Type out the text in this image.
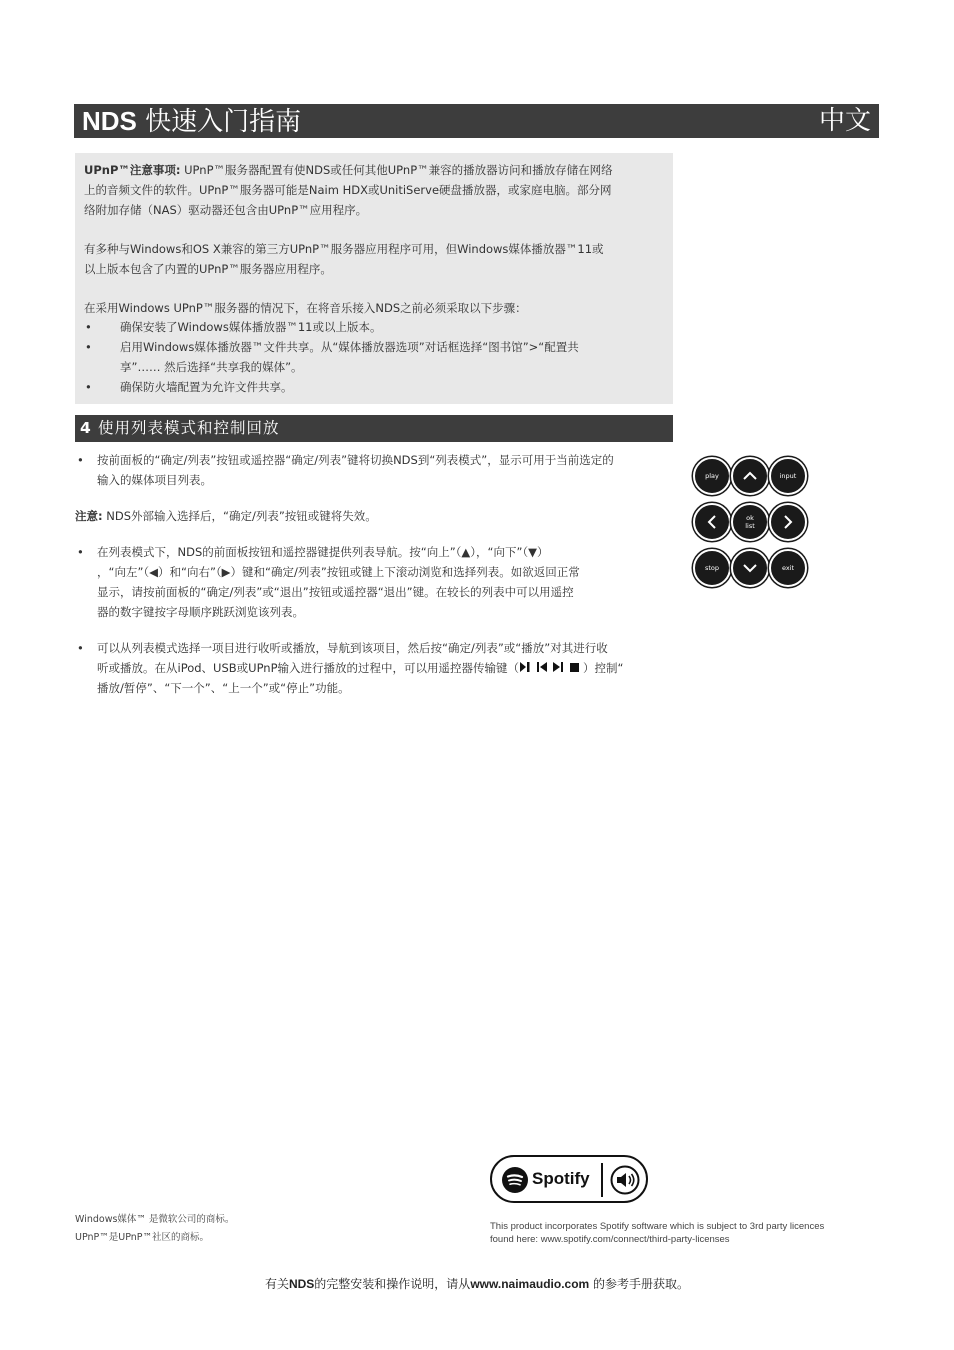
NDS 快速入门指南	中文
UPnP™注意事项: UPnP™服务器配置有使NDS或任何其他UPnP™兼容的播放器访问和播放存储在网络
上的音频文件的软件。UPnP™服务器可能是Naim HDX或UnitiServe硬盘播放器，或家庭电脑。部分网
络附加存储（NAS）驱动器还包含由UPnP™应用程序。
有多种与Windows和OS X兼容的第三方UPnP™服务器应用程序可用，但Windows媒体播放器™11或
以上版本包含了内置的UPnP™服务器应用程序。
在采用Windows UPnP™服务器的情况下，在将音乐接入NDS之前必须采取以下步骤：
• 确保安装了Windows媒体播放器™11或以上版本。
• 启用Windows媒体播放器™文件共享。从“媒体播放器选项”对话框选择“图书馆”>“配置共
享”…… 然后选择“共享我的媒体”。
• 确保防火墙配置为允许文件共享。
4 使用列表模式和控制回放
• 按前面板的“确定/列表”按钮或遥控器“确定/列表”键将切换NDS到“列表模式”，显示可用于当前选定的
输入的媒体项目列表。
注意: NDS外部输入选择后，“确定/列表”按钮或键将失效。
• 在列表模式下，NDS的前面板按钮和遥控器键提供列表导航。按“向上”（▲），“向下”（▼）
，“向左”（◀）和“向右”（▶）键和“确定/列表”按钮或键上下滚动浏览和选择列表。如欲返回正常
显示，请按前面板的“确定/列表”或“退出”按钮或遥控器“退出”键。在较长的列表中可以用遥控
器的数字键按字母顺序跳跃浏览该列表。
• 可以从列表模式选择一项目进行收听或播放，导航到该项目，然后按“确定/列表”或“播放”对其进行收
听或播放。在从iPod、USB或UPnP输入进行播放的过程中，可以用遥控器传输键（	）控制“
播放/暂停”、“下一个”、“上一个”或“停止”功能。
play	input
ok
list
stop	exit
Spotify
Windows媒体™ 是微软公司的商标。
UPnP™是UPnP™社区的商标。
This product incorporates Spotify software which is subject to 3rd party licences
found here: www.spotify.com/connect/third-party-licenses
有关NDS的完整安装和操作说明，请从www.naimaudio.com 的参考手册获取。
